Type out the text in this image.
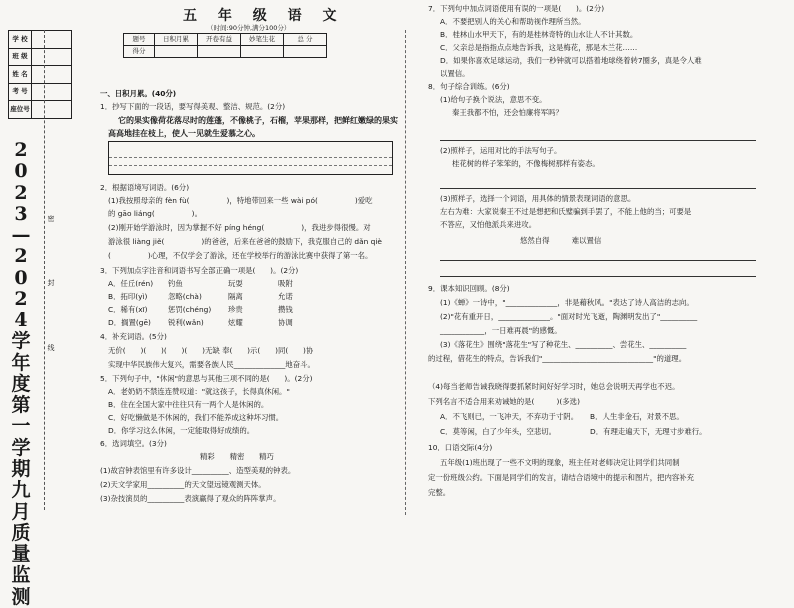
学 校	
班 级	
姓 名	
考 号	
座位号	
2
0
2
3
—
2
0
2
4
学
年
度
第
一
学
期
九
月
质
量
监
测
密
封
线
五 年 级 语 文
（时间:90分钟,满分100分）
题号	日积月累	开卷有益	妙笔生花	总 分
得分				
一、日积月累。(40分)
1．抄写下面的一段话，要写得美观、整洁、规范。(2分)
它的果实像荷花落尽时的莲蓬，不像桃子，石榴，苹果那样，把鲜红嫩绿的果实
高高地挂在枝上，使人一见就生爱慕之心。
2．根据语境写词语。(6分)
(1)我按照母亲的 fèn fù(　　　　　)，特地带回来一些 wài pó(　　　　　)爱吃
的 gāo liáng(　　　　　)。
(2)刚开始学游泳时，因为掌握不好 píng héng(　　　　　)，我进步得很慢。对
游泳很 liàng jiě(　　　　　)的爸爸，后来在爸爸的鼓励下，我克服自己的 dǎn qiè
(　　　　　)心理，不仅学会了游泳，还在学校举行的游泳比赛中获得了第一名。
3．下列加点字注音和词语书写全部正确一项是(　　)。(2分)
A．任丘(rén) 钓鱼	玩耍	吸附
B．拓印(yì)	忽略(chà)	隔离	允诺
C．稀有(xī)	惩罚(chéng) 珍贵	攒钱
D．搁置(gē) 锐利(wǎn)	炫耀	协调
4．补充词语。(5分)
无价(　　)(　　)(　　)(　　)无缺 奉(　　)示(　　)同(　　)协
实现中华民族伟大复兴，需要各族人民______________地奋斗。
5．下列句子中，"休闲"的意思与其他三项不同的是(　　)。(2分)
A．老奶奶不禁连连赞叹道："就这孩子，长得真休闲。"
B．住在全国大家中往往只有一两个人是休闲的。
C．好吃懒做是不休闲的，我们不能养成这种坏习惯。
D．你学习这么休闲，一定能取得好成绩的。
6．选词填空。(3分)
精彩　　精密　　精巧
(1)故宫钟表馆里有许多设计__________、造型美观的钟表。
(2)天文学家用__________的天文望远镜观测天体。
(3)杂技演员的__________表演赢得了观众的阵阵掌声。
7．下列句中加点词语使用有误的一项是(　　)。(2分)
A．不要把别人的关心和帮助视作理所当然。
B．桂林山水甲天下，有的是桂林奇特的山水让人不计其数。
C．父亲总是指指点点地告诉我，这是梅花，那是木兰花……
D．如果你喜欢足球运动，我们一秒钟就可以搭着地球绕着转7圈多，真是令人难
以置信。
8．句子综合训练。(6分)
(1)给句子换个说法，意思不变。
秦王我都不怕，还会怕廉将军吗？
(2)照样子，运用对比的手法写句子。
桂花树的样子笨笨的，不像梅树那样有姿态。
(3)照样子，选择一个词语，用具体的情景表现词语的意思。
左右为难：大家说秦王不过是想把和氏璧骗到手罢了，不能上他的当；可要是
不答应，又怕他派兵来进攻。
悠然自得　　　难以置信
9．课本知识回顾。(8分)
(1)《蝉》一诗中，"______________，非是藉秋风。"表达了诗人高洁的志向。
(2)"花有重开日，______________。"面对时光飞逝，陶渊明发出了"__________
____________，一日难再晨"的感慨。
(3)《落花生》围绕"落花生"写了种花生、__________、尝花生、__________
的过程，借花生的特点，告诉我们"______________________________"的道理。
（4)每当老师告诫我晓得要抓紧时间好好学习时，她总会说明天再学也不迟。
下列名言不适合用来劝诫她的是(　　　)(多选)
A．不飞则已，一飞冲天，不弃功于寸阴。 B．人生非金石，对景不思。
C．莫等闲，白了少年头，空悲切。	D．有理走遍天下，无理寸步难行。
10．口语交际(4分)
五年级(1)班出现了一些不文明的现象，班主任对老师决定让同学们共同制
定一份班级公约。下面是同学们的发言，请结合语境中的提示和图片，把内容补充
完整。
